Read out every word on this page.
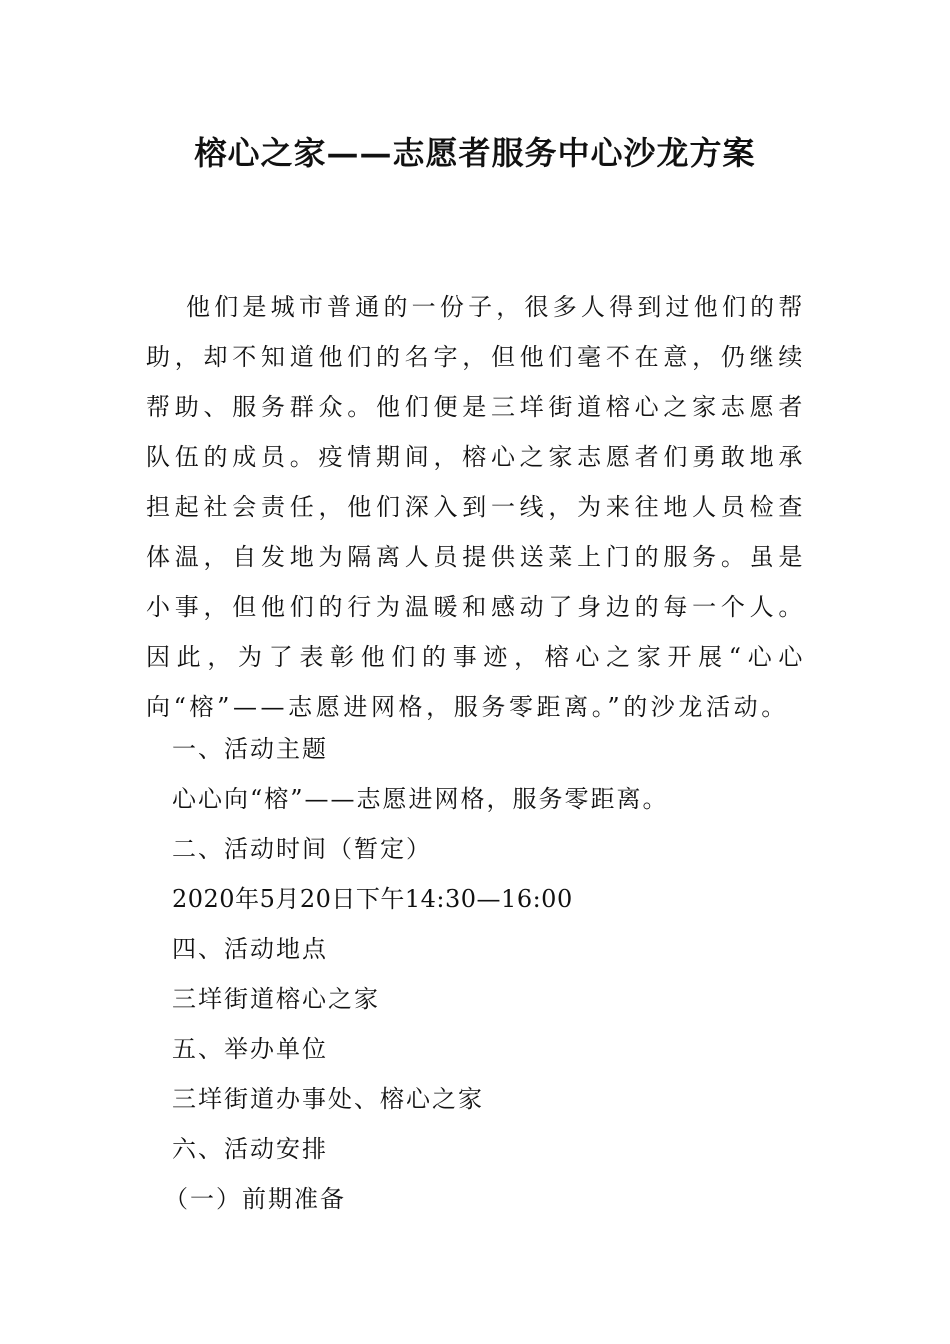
榕心之家——志愿者服务中心沙龙方案

他们是城市普通的一份子，很多人得到过他们的帮助，却不知道他们的名字，但他们毫不在意，仍继续帮助、服务群众。他们便是三垟街道榕心之家志愿者队伍的成员。疫情期间，榕心之家志愿者们勇敢地承担起社会责任，他们深入到一线，为来往地人员检查体温，自发地为隔离人员提供送菜上门的服务。虽是小事，但他们的行为温暖和感动了身边的每一个人。因此，为了表彰他们的事迹，榕心之家开展“心心向“榕”——志愿进网格，服务零距离。”的沙龙活动。

一、活动主题

心心向“榕”——志愿进网格，服务零距离。

二、活动时间（暂定）

2020年5月20日下午14:30—16:00

四、活动地点

三垟街道榕心之家

五、举办单位

三垟街道办事处、榕心之家

六、活动安排

（一）前期准备
